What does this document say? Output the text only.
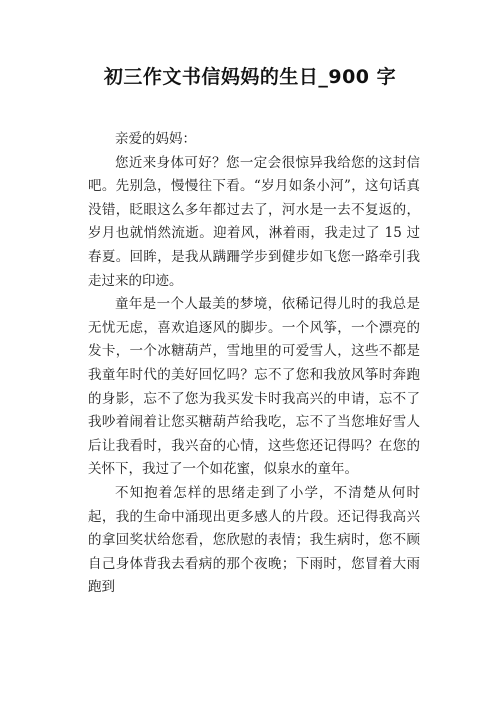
初三作文书信妈妈的生日_900 字

亲爱的妈妈：

您近来身体可好？您一定会很惊异我给您的这封信吧。先别急，慢慢往下看。“岁月如条小河”，这句话真没错，眨眼这么多年都过去了，河水是一去不复返的，岁月也就悄然流逝。迎着风，淋着雨，我走过了 15 过春夏。回眸，是我从蹒跚学步到健步如飞您一路牵引我走过来的印迹。

童年是一个人最美的梦境，依稀记得儿时的我总是无忧无虑，喜欢追逐风的脚步。一个风筝，一个漂亮的发卡，一个冰糖葫芦，雪地里的可爱雪人，这些不都是我童年时代的美好回忆吗？忘不了您和我放风筝时奔跑的身影，忘不了您为我买发卡时我高兴的申请，忘不了我吵着闹着让您买糖葫芦给我吃，忘不了当您堆好雪人后让我看时，我兴奋的心情，这些您还记得吗？在您的关怀下，我过了一个如花蜜，似泉水的童年。

不知抱着怎样的思绪走到了小学，不清楚从何时起，我的生命中涌现出更多感人的片段。还记得我高兴的拿回奖状给您看，您欣慰的表情；我生病时，您不顾自己身体背我去看病的那个夜晚；下雨时，您冒着大雨跑到
